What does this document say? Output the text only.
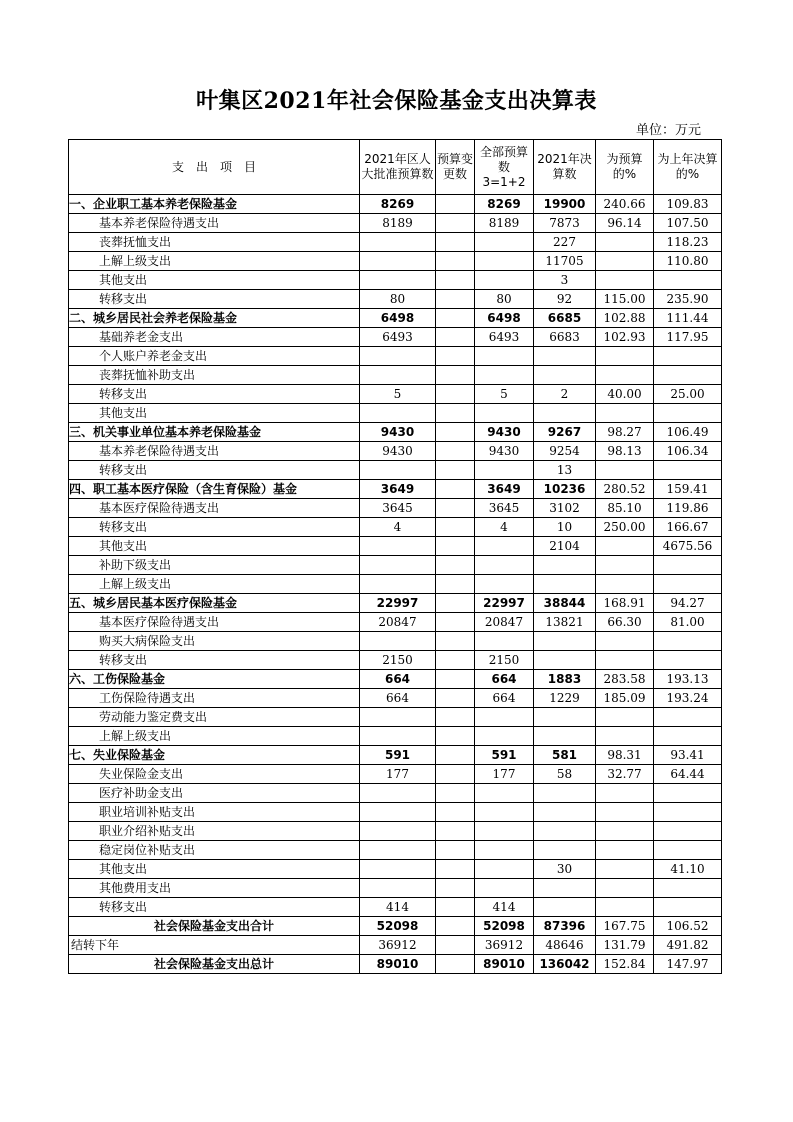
叶集区2021年社会保险基金支出决算表
单位：万元
支　出　项　目	2021年区人大批准预算数	预算变更数	全部预算数 3=1+2	2021年决算数	为预算的%	为上年决算的%
一、企业职工基本养老保险基金	8269		8269	19900	240.66	109.83
基本养老保险待遇支出	8189		8189	7873	96.14	107.50
丧葬抚恤支出				227		118.23
上解上级支出				11705		110.80
其他支出				3		
转移支出	80		80	92	115.00	235.90
二、城乡居民社会养老保险基金	6498		6498	6685	102.88	111.44
基础养老金支出	6493		6493	6683	102.93	117.95
个人账户养老金支出						
丧葬抚恤补助支出						
转移支出	5		5	2	40.00	25.00
其他支出						
三、机关事业单位基本养老保险基金	9430		9430	9267	98.27	106.49
基本养老保险待遇支出	9430		9430	9254	98.13	106.34
转移支出				13		
四、职工基本医疗保险（含生育保险）基金	3649		3649	10236	280.52	159.41
基本医疗保险待遇支出	3645		3645	3102	85.10	119.86
转移支出	4		4	10	250.00	166.67
其他支出				2104		4675.56
补助下级支出						
上解上级支出						
五、城乡居民基本医疗保险基金	22997		22997	38844	168.91	94.27
基本医疗保险待遇支出	20847		20847	13821	66.30	81.00
购买大病保险支出						
转移支出	2150		2150			
六、工伤保险基金	664		664	1883	283.58	193.13
工伤保险待遇支出	664		664	1229	185.09	193.24
劳动能力鉴定费支出						
上解上级支出						
七、失业保险基金	591		591	581	98.31	93.41
失业保险金支出	177		177	58	32.77	64.44
医疗补助金支出						
职业培训补贴支出						
职业介绍补贴支出						
稳定岗位补贴支出						
其他支出				30		41.10
其他费用支出						
转移支出	414		414			
社会保险基金支出合计	52098		52098	87396	167.75	106.52
结转下年	36912		36912	48646	131.79	491.82
社会保险基金支出总计	89010		89010	136042	152.84	147.97
